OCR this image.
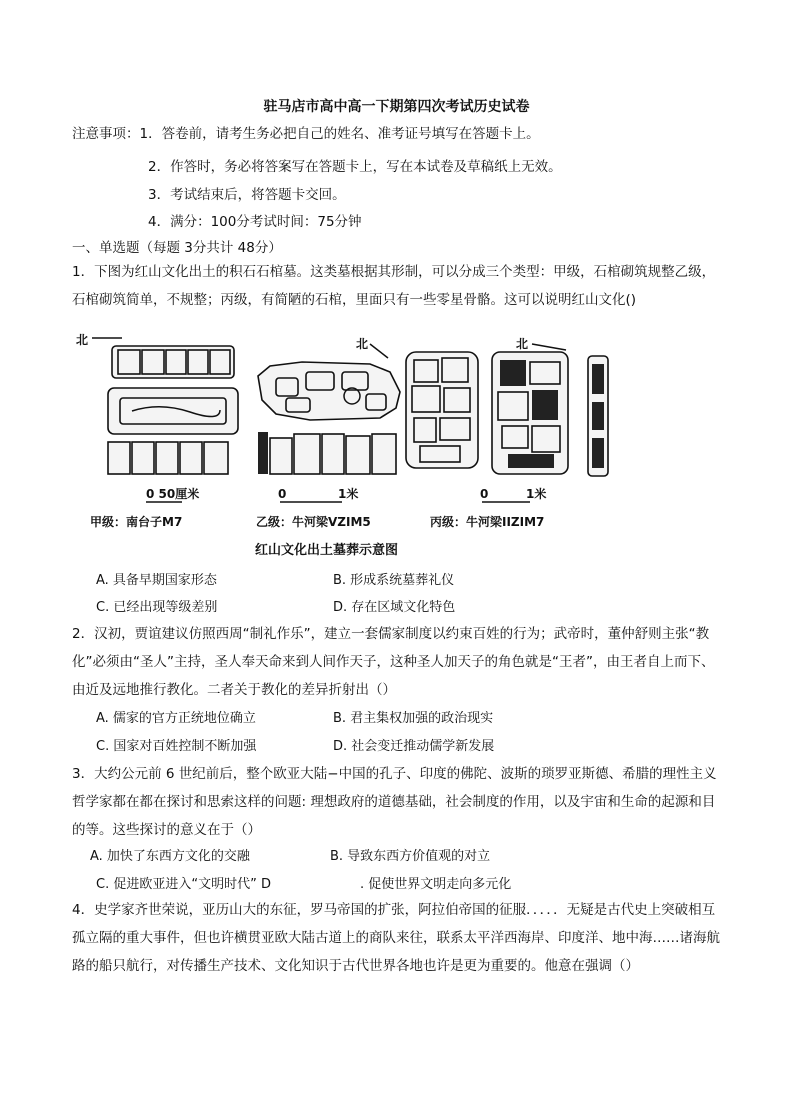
驻马店市高中高一下期第四次考试历史试卷
注意事项：1．答卷前，请考生务必把自己的姓名、准考证号填写在答题卡上。
2．作答时，务必将答案写在答题卡上，写在本试卷及草稿纸上无效。
3．考试结束后，将答题卡交回。
4．满分：100分考试时间：75分钟
一、单选题（每题 3分共计 48分）
1．下图为红山文化出土的积石石棺墓。这类墓根据其形制，可以分成三个类型：甲级，石棺砌筑规整乙级，石棺砌筑简单，不规整；丙级，有简陋的石棺，里面只有一些零星骨骼。这可以说明红山文化()
北	北	北
0 50厘米	0	1米	0	1米
甲级：南台子M7	乙级：牛河梁VZIM5	丙级：牛河梁IIZIM7
红山文化出土墓葬示意图
A. 具备早期国家形态	B. 形成系统墓葬礼仪
C. 已经出现等级差别	D. 存在区域文化特色
2．汉初，贾谊建议仿照西周“制礼作乐”，建立一套儒家制度以约束百姓的行为；武帝时，董仲舒则主张“教化”必须由“圣人”主持，圣人奉天命来到人间作天子，这种圣人加天子的角色就是“王者”，由王者自上而下、由近及远地推行教化。二者关于教化的差异折射出（）
A. 儒家的官方正统地位确立	B. 君主集权加强的政治现实
C. 国家对百姓控制不断加强	D. 社会变迁推动儒学新发展
3．大约公元前 6 世纪前后，整个欧亚大陆−中国的孔子、印度的佛陀、波斯的琐罗亚斯德、希腊的理性主义哲学家都在都在探讨和思索这样的问题: 理想政府的道德基础，社会制度的作用，以及宇宙和生命的起源和目的等。这些探讨的意义在于（）
A. 加快了东西方文化的交融	B. 导致东西方价值观的对立
C. 促进欧亚进入“文明时代” D	. 促使世界文明走向多元化
4．史学家齐世荣说，亚历山大的东征，罗马帝国的扩张，阿拉伯帝国的征服．．．．．无疑是古代史上突破相互孤立隔的重大事件，但也许横贯亚欧大陆古道上的商队来往，联系太平洋西海岸、印度洋、地中海……诸海航路的船只航行，对传播生产技术、文化知识于古代世界各地也许是更为重要的。他意在强调（）
